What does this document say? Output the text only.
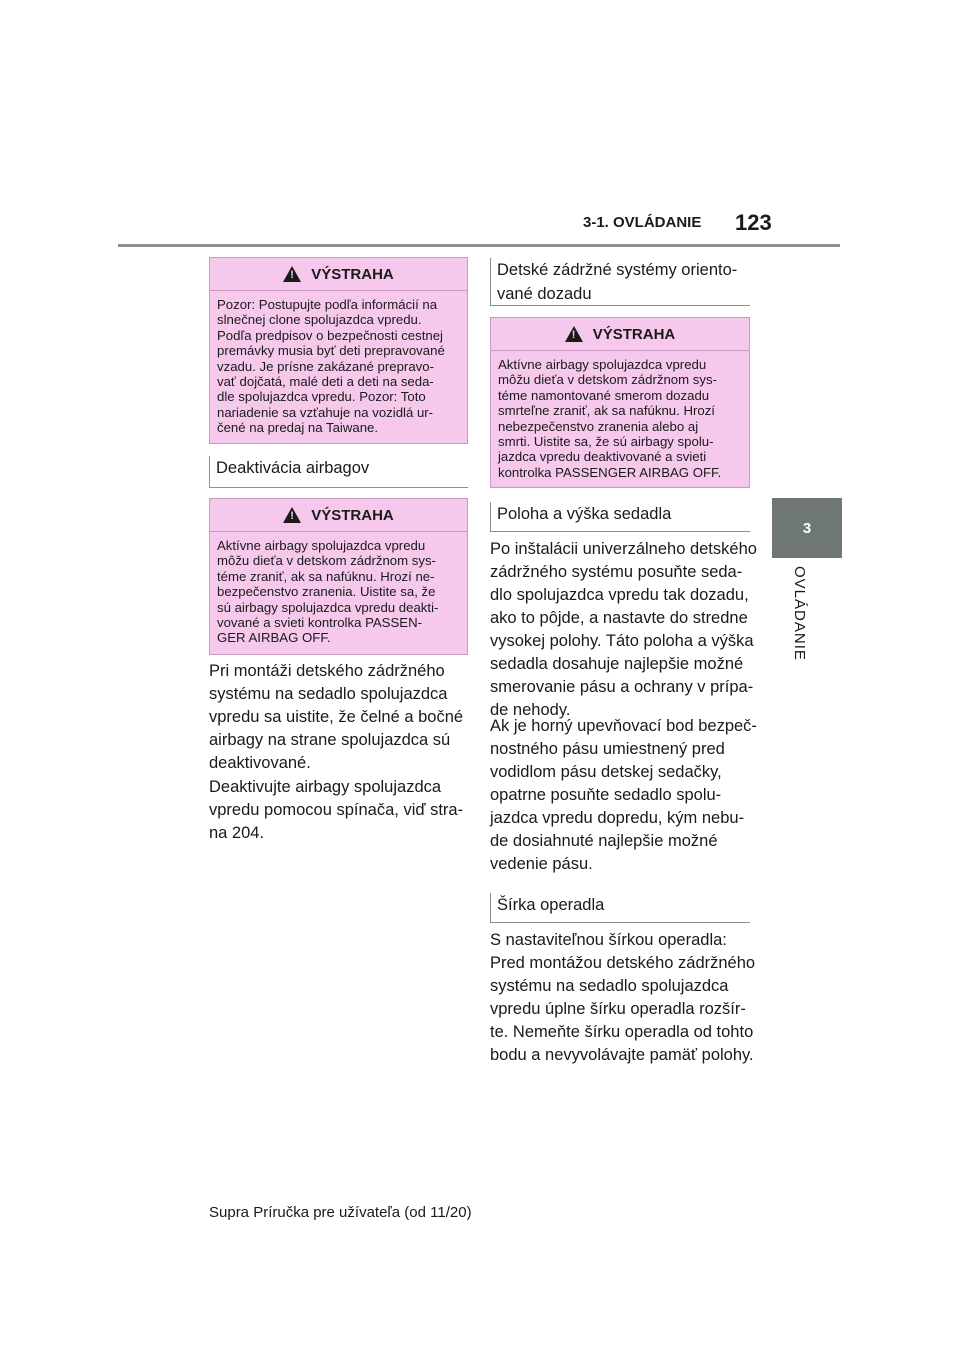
3-1. OVLÁDANIE 123
3
OVLÁDANIE
!
VÝSTRAHA
Pozor: Postupujte podľa informácií na
slnečnej clone spolujazdca vpredu.
Podľa predpisov o bezpečnosti cestnej
premávky musia byť deti prepravované
vzadu. Je prísne zakázané prepravo-
vať dojčatá, malé deti a deti na seda-
dle spolujazdca vpredu. Pozor: Toto
nariadenie sa vzťahuje na vozidlá ur-
čené na predaj na Taiwane.
Deaktivácia airbagov
!
VÝSTRAHA
Aktívne airbagy spolujazdca vpredu
môžu dieťa v detskom zádržnom sys-
téme zraniť, ak sa nafúknu. Hrozí ne-
bezpečenstvo zranenia. Uistite sa, že
sú airbagy spolujazdca vpredu deakti-
vované a svieti kontrolka PASSEN-
GER AIRBAG OFF.
Pri montáži detského zádržného
systému na sedadlo spolujazdca
vpredu sa uistite, že čelné a bočné
airbagy na strane spolujazdca sú
deaktivované.
Deaktivujte airbagy spolujazdca
vpredu pomocou spínača, viď stra-
na 204.
Detské zádržné systémy oriento-
vané dozadu
!
VÝSTRAHA
Aktívne airbagy spolujazdca vpredu
môžu dieťa v detskom zádržnom sys-
téme namontované smerom dozadu
smrteľne zraniť, ak sa nafúknu. Hrozí
nebezpečenstvo zranenia alebo aj
smrti. Uistite sa, že sú airbagy spolu-
jazdca vpredu deaktivované a svieti
kontrolka PASSENGER AIRBAG OFF.
Poloha a výška sedadla
Po inštalácii univerzálneho detského
zádržného systému posuňte seda-
dlo spolujazdca vpredu tak dozadu,
ako to pôjde, a nastavte do stredne
vysokej polohy. Táto poloha a výška
sedadla dosahuje najlepšie možné
smerovanie pásu a ochrany v prípa-
de nehody.
Ak je horný upevňovací bod bezpeč-
nostného pásu umiestnený pred
vodidlom pásu detskej sedačky,
opatrne posuňte sedadlo spolu-
jazdca vpredu dopredu, kým nebu-
de dosiahnuté najlepšie možné
vedenie pásu.
Šírka operadla
S nastaviteľnou šírkou operadla:
Pred montážou detského zádržného
systému na sedadlo spolujazdca
vpredu úplne šírku operadla rozšír-
te. Nemeňte šírku operadla od tohto
bodu a nevyvolávajte pamäť polohy.
Supra Príručka pre užívateľa (od 11/20)
